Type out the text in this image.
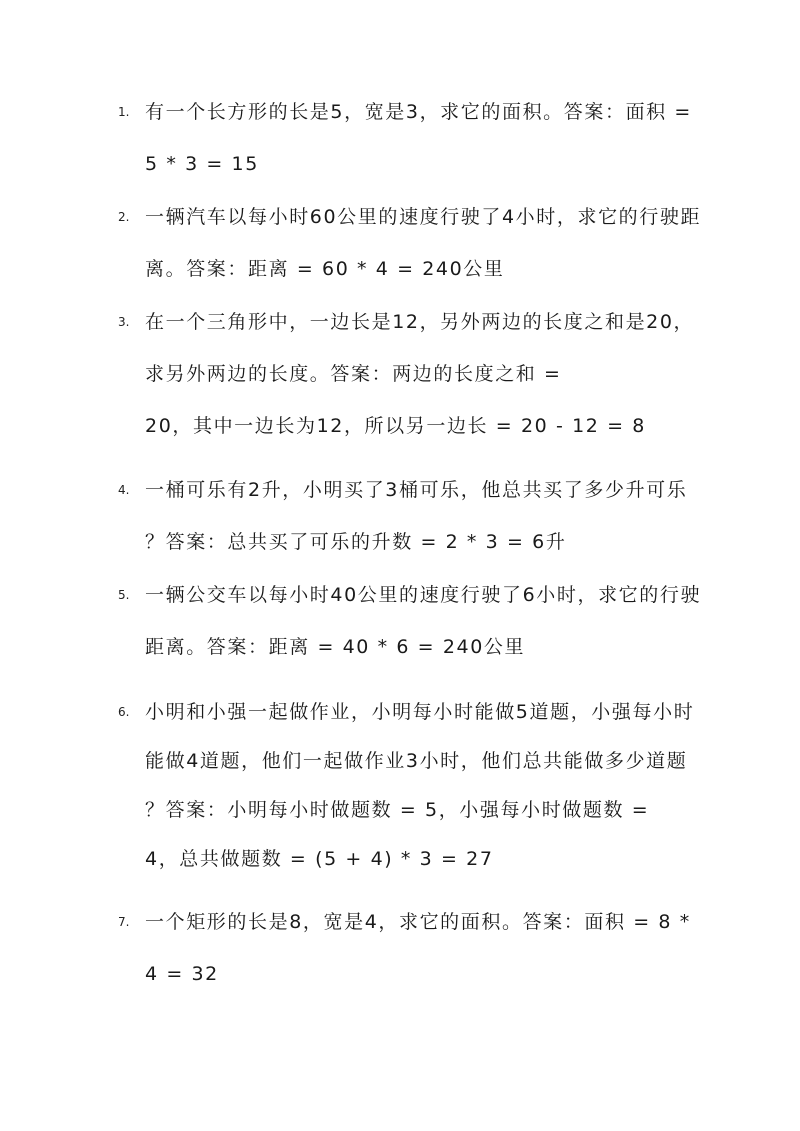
1. 有一个长方形的长是5，宽是3，求它的面积。答案：面积 =
5 * 3 = 15
2. 一辆汽车以每小时60公里的速度行驶了4小时，求它的行驶距
离。答案：距离 = 60 * 4 = 240公里
3. 在一个三角形中，一边长是12，另外两边的长度之和是20，
求另外两边的长度。答案：两边的长度之和 =
20，其中一边长为12，所以另一边长 = 20 - 12 = 8
4. 一桶可乐有2升，小明买了3桶可乐，他总共买了多少升可乐
？答案：总共买了可乐的升数 = 2 * 3 = 6升
5. 一辆公交车以每小时40公里的速度行驶了6小时，求它的行驶
距离。答案：距离 = 40 * 6 = 240公里
6. 小明和小强一起做作业，小明每小时能做5道题，小强每小时
能做4道题，他们一起做作业3小时，他们总共能做多少道题
？答案：小明每小时做题数 = 5，小强每小时做题数 =
4，总共做题数 = (5 + 4) * 3 = 27
7. 一个矩形的长是8，宽是4，求它的面积。答案：面积 = 8 *
4 = 32
